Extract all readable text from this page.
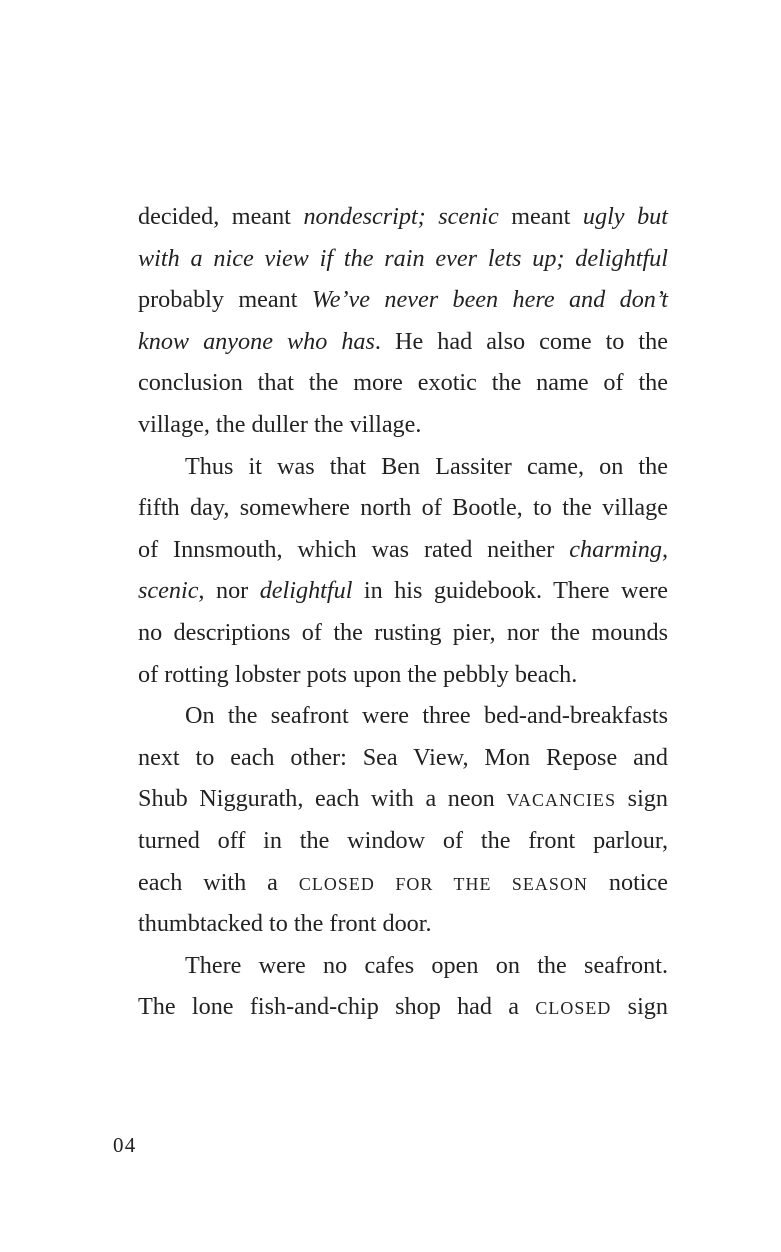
decided, meant nondescript; scenic meant ugly but
with a nice view if the rain ever lets up; delightful
probably meant We’ve never been here and don’t
know anyone who has. He had also come to the
conclusion that the more exotic the name of the
village, the duller the village.
Thus it was that Ben Lassiter came, on the
fifth day, somewhere north of Bootle, to the village
of Innsmouth, which was rated neither charming,
scenic, nor delightful in his guidebook. There were
no descriptions of the rusting pier, nor the mounds
of rotting lobster pots upon the pebbly beach.
On the seafront were three bed-and-breakfasts
next to each other: Sea View, Mon Repose and
Shub Niggurath, each with a neon VACANCIES sign
turned off in the window of the front parlour,
each with a CLOSED FOR THE SEASON notice
thumbtacked to the front door.
There were no cafes open on the seafront.
The lone fish-and-chip shop had a CLOSED sign
04
